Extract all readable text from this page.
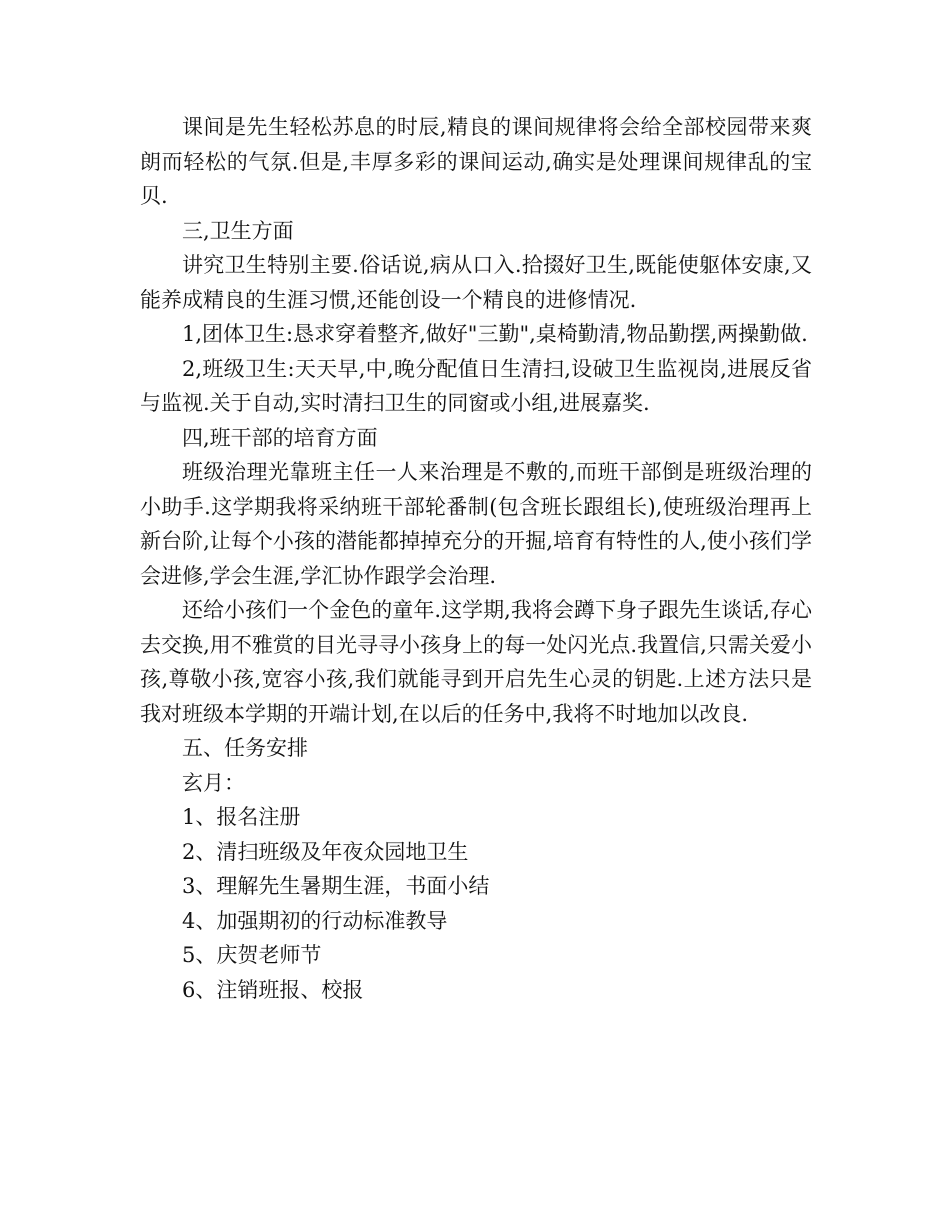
课间是先生轻松苏息的时辰,精良的课间规律将会给全部校园带来爽朗而轻松的气氛.但是,丰厚多彩的课间运动,确实是处理课间规律乱的宝贝.

三,卫生方面

讲究卫生特别主要.俗话说,病从口入.拾掇好卫生,既能使躯体安康,又能养成精良的生涯习惯,还能创设一个精良的进修情况.

1,团体卫生:恳求穿着整齐,做好"三勤",桌椅勤清,物品勤摆,两操勤做.

2,班级卫生:天天早,中,晚分配值日生清扫,设破卫生监视岗,进展反省与监视.关于自动,实时清扫卫生的同窗或小组,进展嘉奖.

四,班干部的培育方面

班级治理光靠班主任一人来治理是不敷的,而班干部倒是班级治理的小助手.这学期我将采纳班干部轮番制(包含班长跟组长),使班级治理再上新台阶,让每个小孩的潜能都掉掉充分的开掘,培育有特性的人,使小孩们学会进修,学会生涯,学汇协作跟学会治理.

还给小孩们一个金色的童年.这学期,我将会蹲下身子跟先生谈话,存心去交换,用不雅赏的目光寻寻小孩身上的每一处闪光点.我置信,只需关爱小孩,尊敬小孩,宽容小孩,我们就能寻到开启先生心灵的钥匙.上述方法只是我对班级本学期的开端计划,在以后的任务中,我将不时地加以改良.

五、任务安排

玄月：

1、报名注册

2、清扫班级及年夜众园地卫生

3、理解先生暑期生涯，书面小结

4、加强期初的行动标准教导

5、庆贺老师节

6、注销班报、校报
